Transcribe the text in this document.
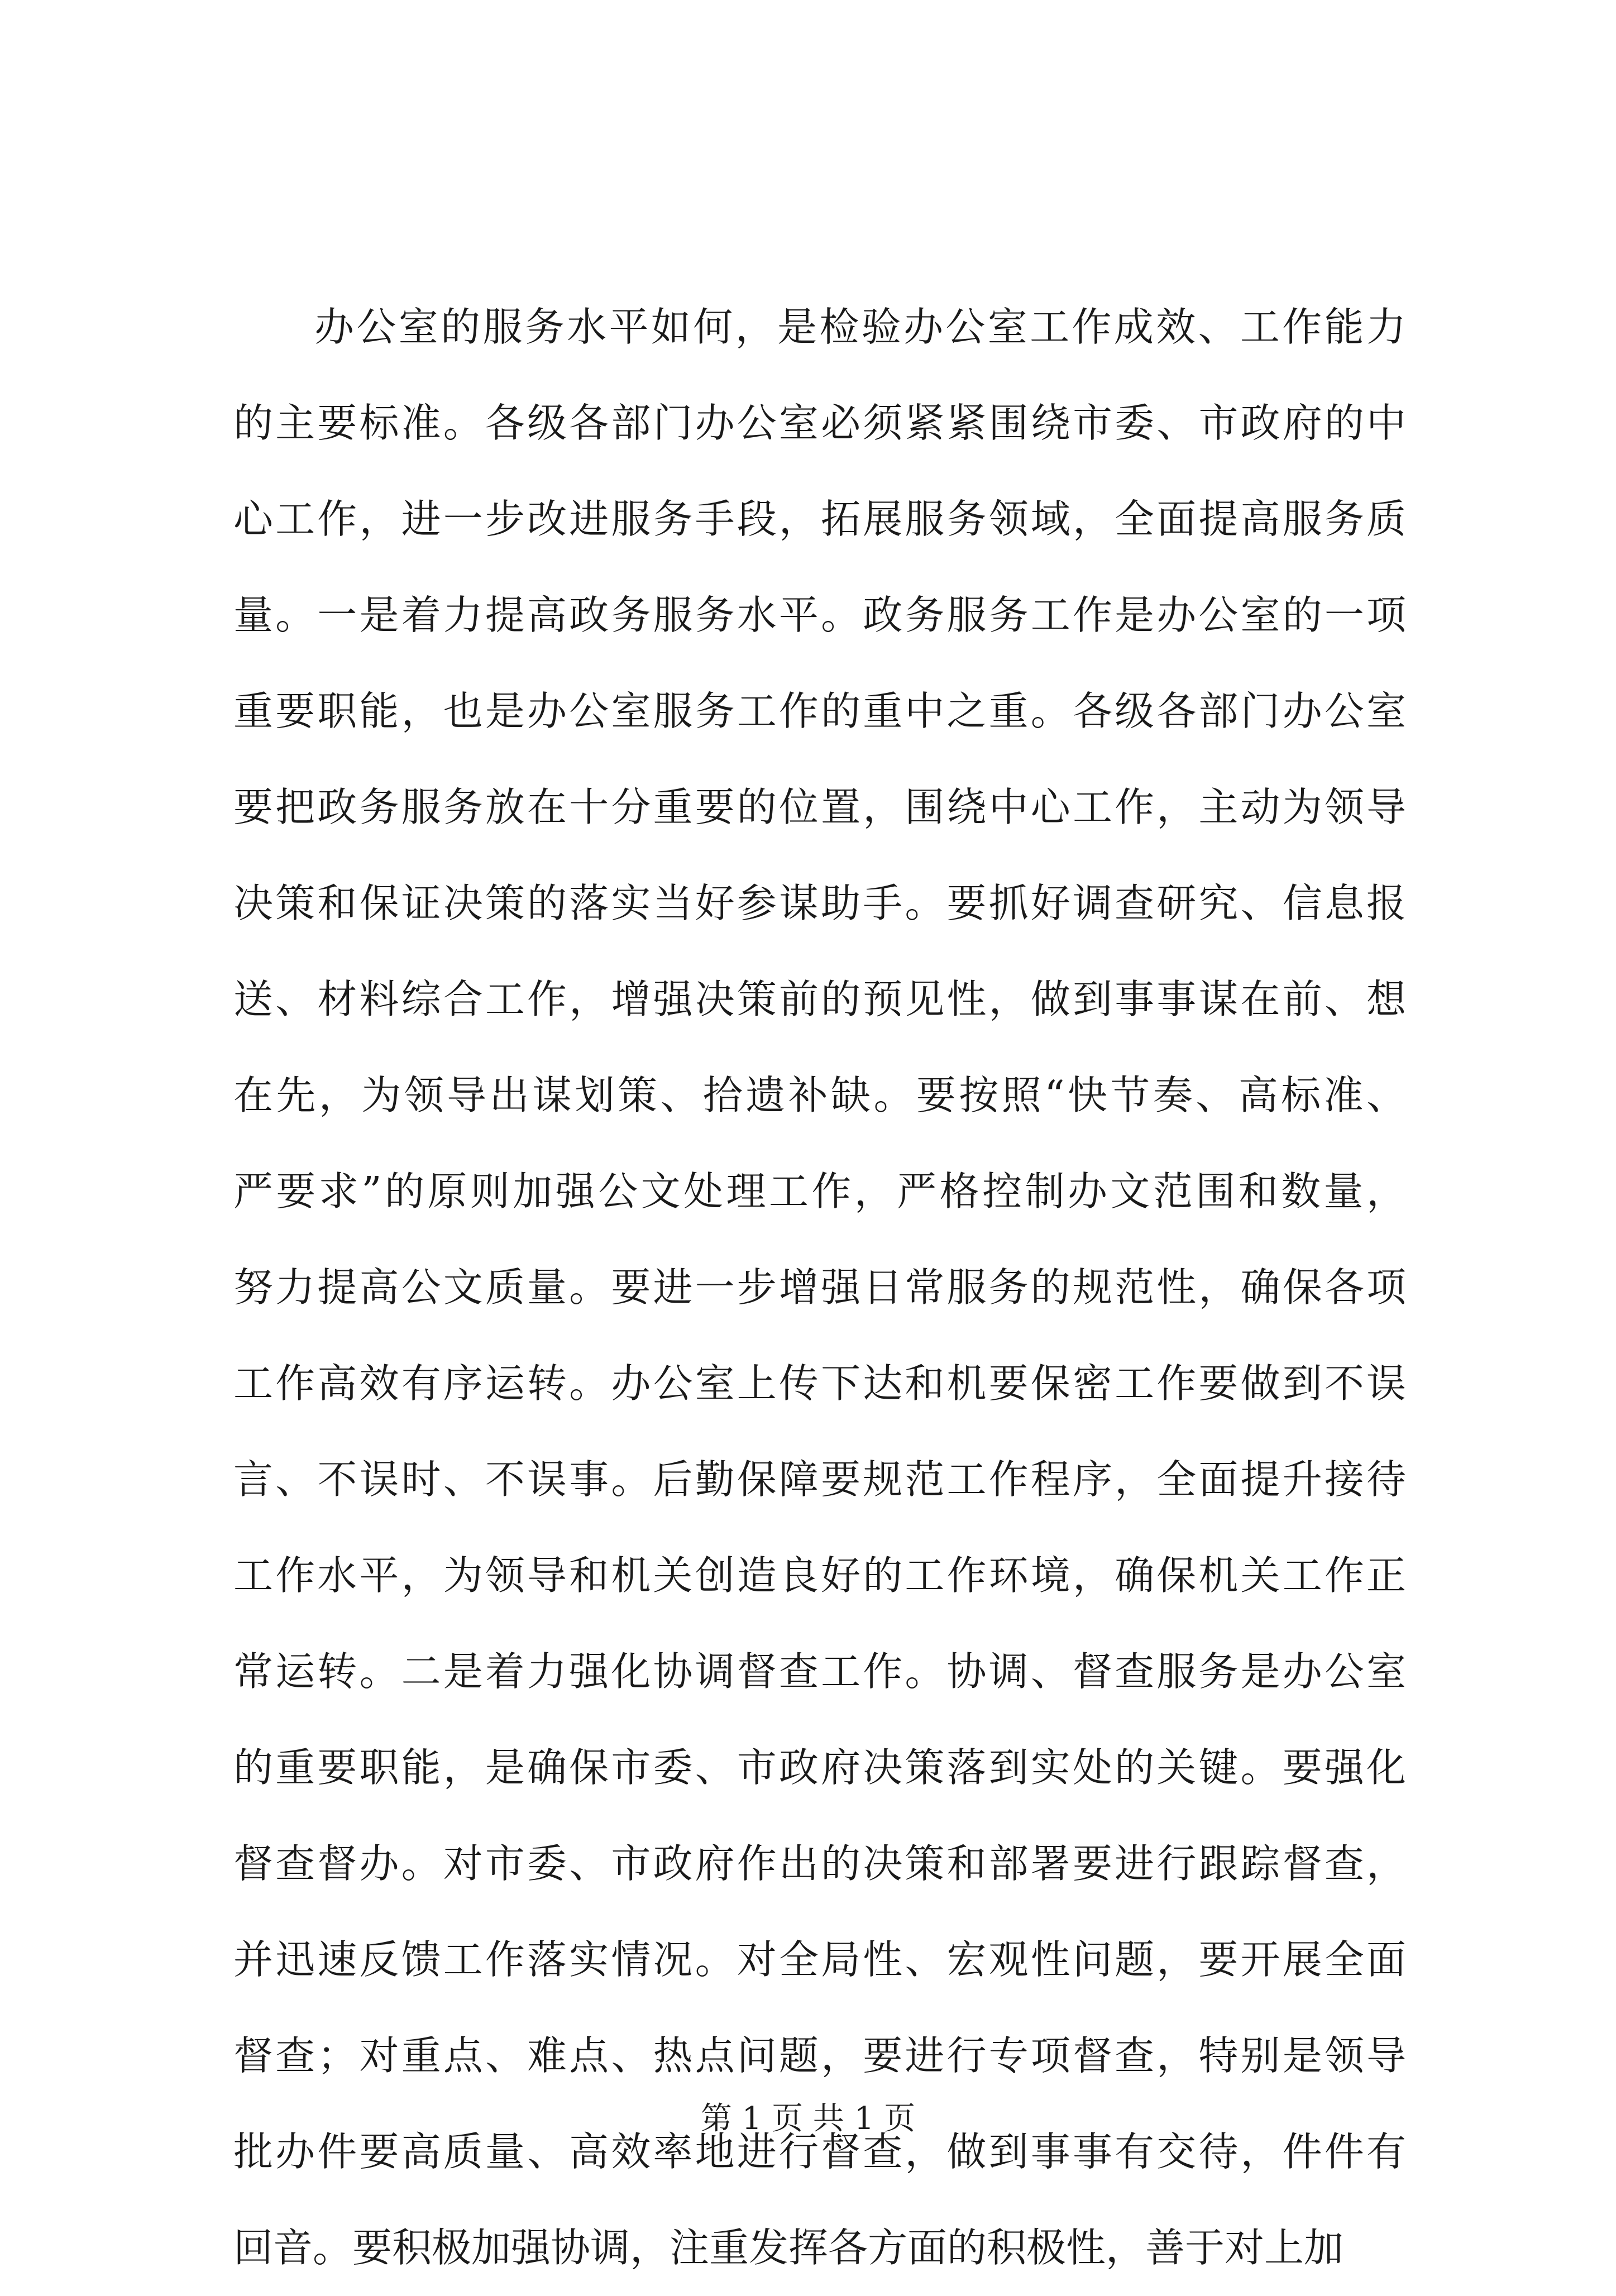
办公室的服务水平如何，是检验办公室工作成效、工作能力
的主要标准。各级各部门办公室必须紧紧围绕市委、市政府的中
心工作，进一步改进服务手段，拓展服务领域，全面提高服务质
量。一是着力提高政务服务水平。政务服务工作是办公室的一项
重要职能，也是办公室服务工作的重中之重。各级各部门办公室
要把政务服务放在十分重要的位置，围绕中心工作，主动为领导
决策和保证决策的落实当好参谋助手。要抓好调查研究、信息报
送、材料综合工作，增强决策前的预见性，做到事事谋在前、想
在先，为领导出谋划策、拾遗补缺。要按照“快节奏、高标准、
严要求”的原则加强公文处理工作，严格控制办文范围和数量，
努力提高公文质量。要进一步增强日常服务的规范性，确保各项
工作高效有序运转。办公室上传下达和机要保密工作要做到不误
言、不误时、不误事。后勤保障要规范工作程序，全面提升接待
工作水平，为领导和机关创造良好的工作环境，确保机关工作正
常运转。二是着力强化协调督查工作。协调、督查服务是办公室
的重要职能，是确保市委、市政府决策落到实处的关键。要强化
督查督办。对市委、市政府作出的决策和部署要进行跟踪督查，
并迅速反馈工作落实情况。对全局性、宏观性问题，要开展全面
督查；对重点、难点、热点问题，要进行专项督查，特别是领导
批办件要高质量、高效率地进行督查，做到事事有交待，件件有
回音。要积极加强协调，注重发挥各方面的积极性，善于对上加
第 1 页 共 1 页
